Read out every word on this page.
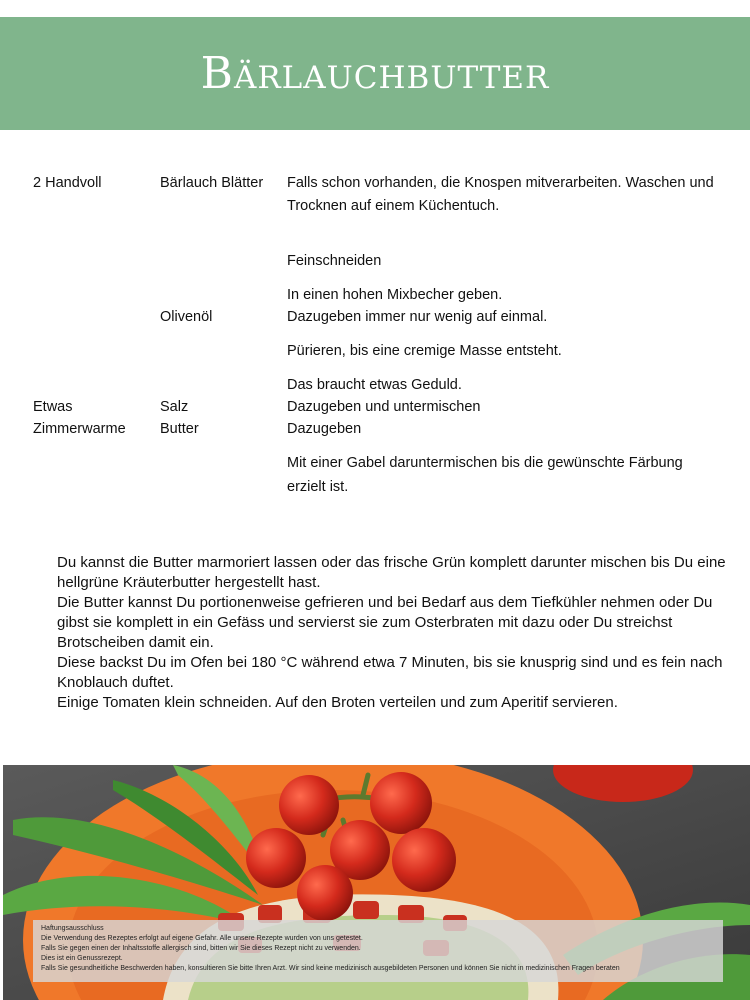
Bärlauchbutter
2 Handvoll	Bärlauch Blätter
Olivenöl
Etwas	Salz
Zimmerwarme Butter
Falls schon vorhanden, die Knospen mitverarbeiten. Waschen und
Trocknen auf einem Küchentuch.
Feinschneiden
In einen hohen Mixbecher geben.
Dazugeben immer nur wenig auf einmal.
Pürieren, bis eine cremige Masse entsteht.
Das braucht etwas Geduld.
Dazugeben und untermischen
Dazugeben
Mit einer Gabel daruntermischen bis die gewünschte Färbung
erzielt ist.

Du kannst die Butter marmoriert lassen oder das frische Grün komplett darunter mischen bis Du eine hellgrüne Kräuterbutter hergestellt hast.

Die Butter kannst Du portionenweise gefrieren und bei Bedarf aus dem Tiefkühler nehmen oder Du gibst sie komplett in ein Gefäss und servierst sie zum Osterbraten mit dazu oder Du streichst Brotscheiben damit ein.

Diese backst Du im Ofen bei 180 °C während etwa 7 Minuten, bis sie knusprig sind und es fein nach Knoblauch duftet.

Einige Tomaten klein schneiden. Auf den Broten verteilen und zum Aperitif servieren.

Haftungsausschluss
Die Verwendung des Rezeptes erfolgt auf eigene Gefahr. Alle unsere Rezepte wurden von uns getestet.
Falls Sie gegen einen der Inhaltsstoffe allergisch sind, bitten wir Sie dieses Rezept nicht zu verwenden.
Dies ist ein Genussrezept.
Falls Sie gesundheitliche Beschwerden haben, konsultieren Sie bitte Ihren Arzt. Wir sind keine medizinisch ausgebildeten Personen und können Sie nicht in medizinischen Fragen beraten
